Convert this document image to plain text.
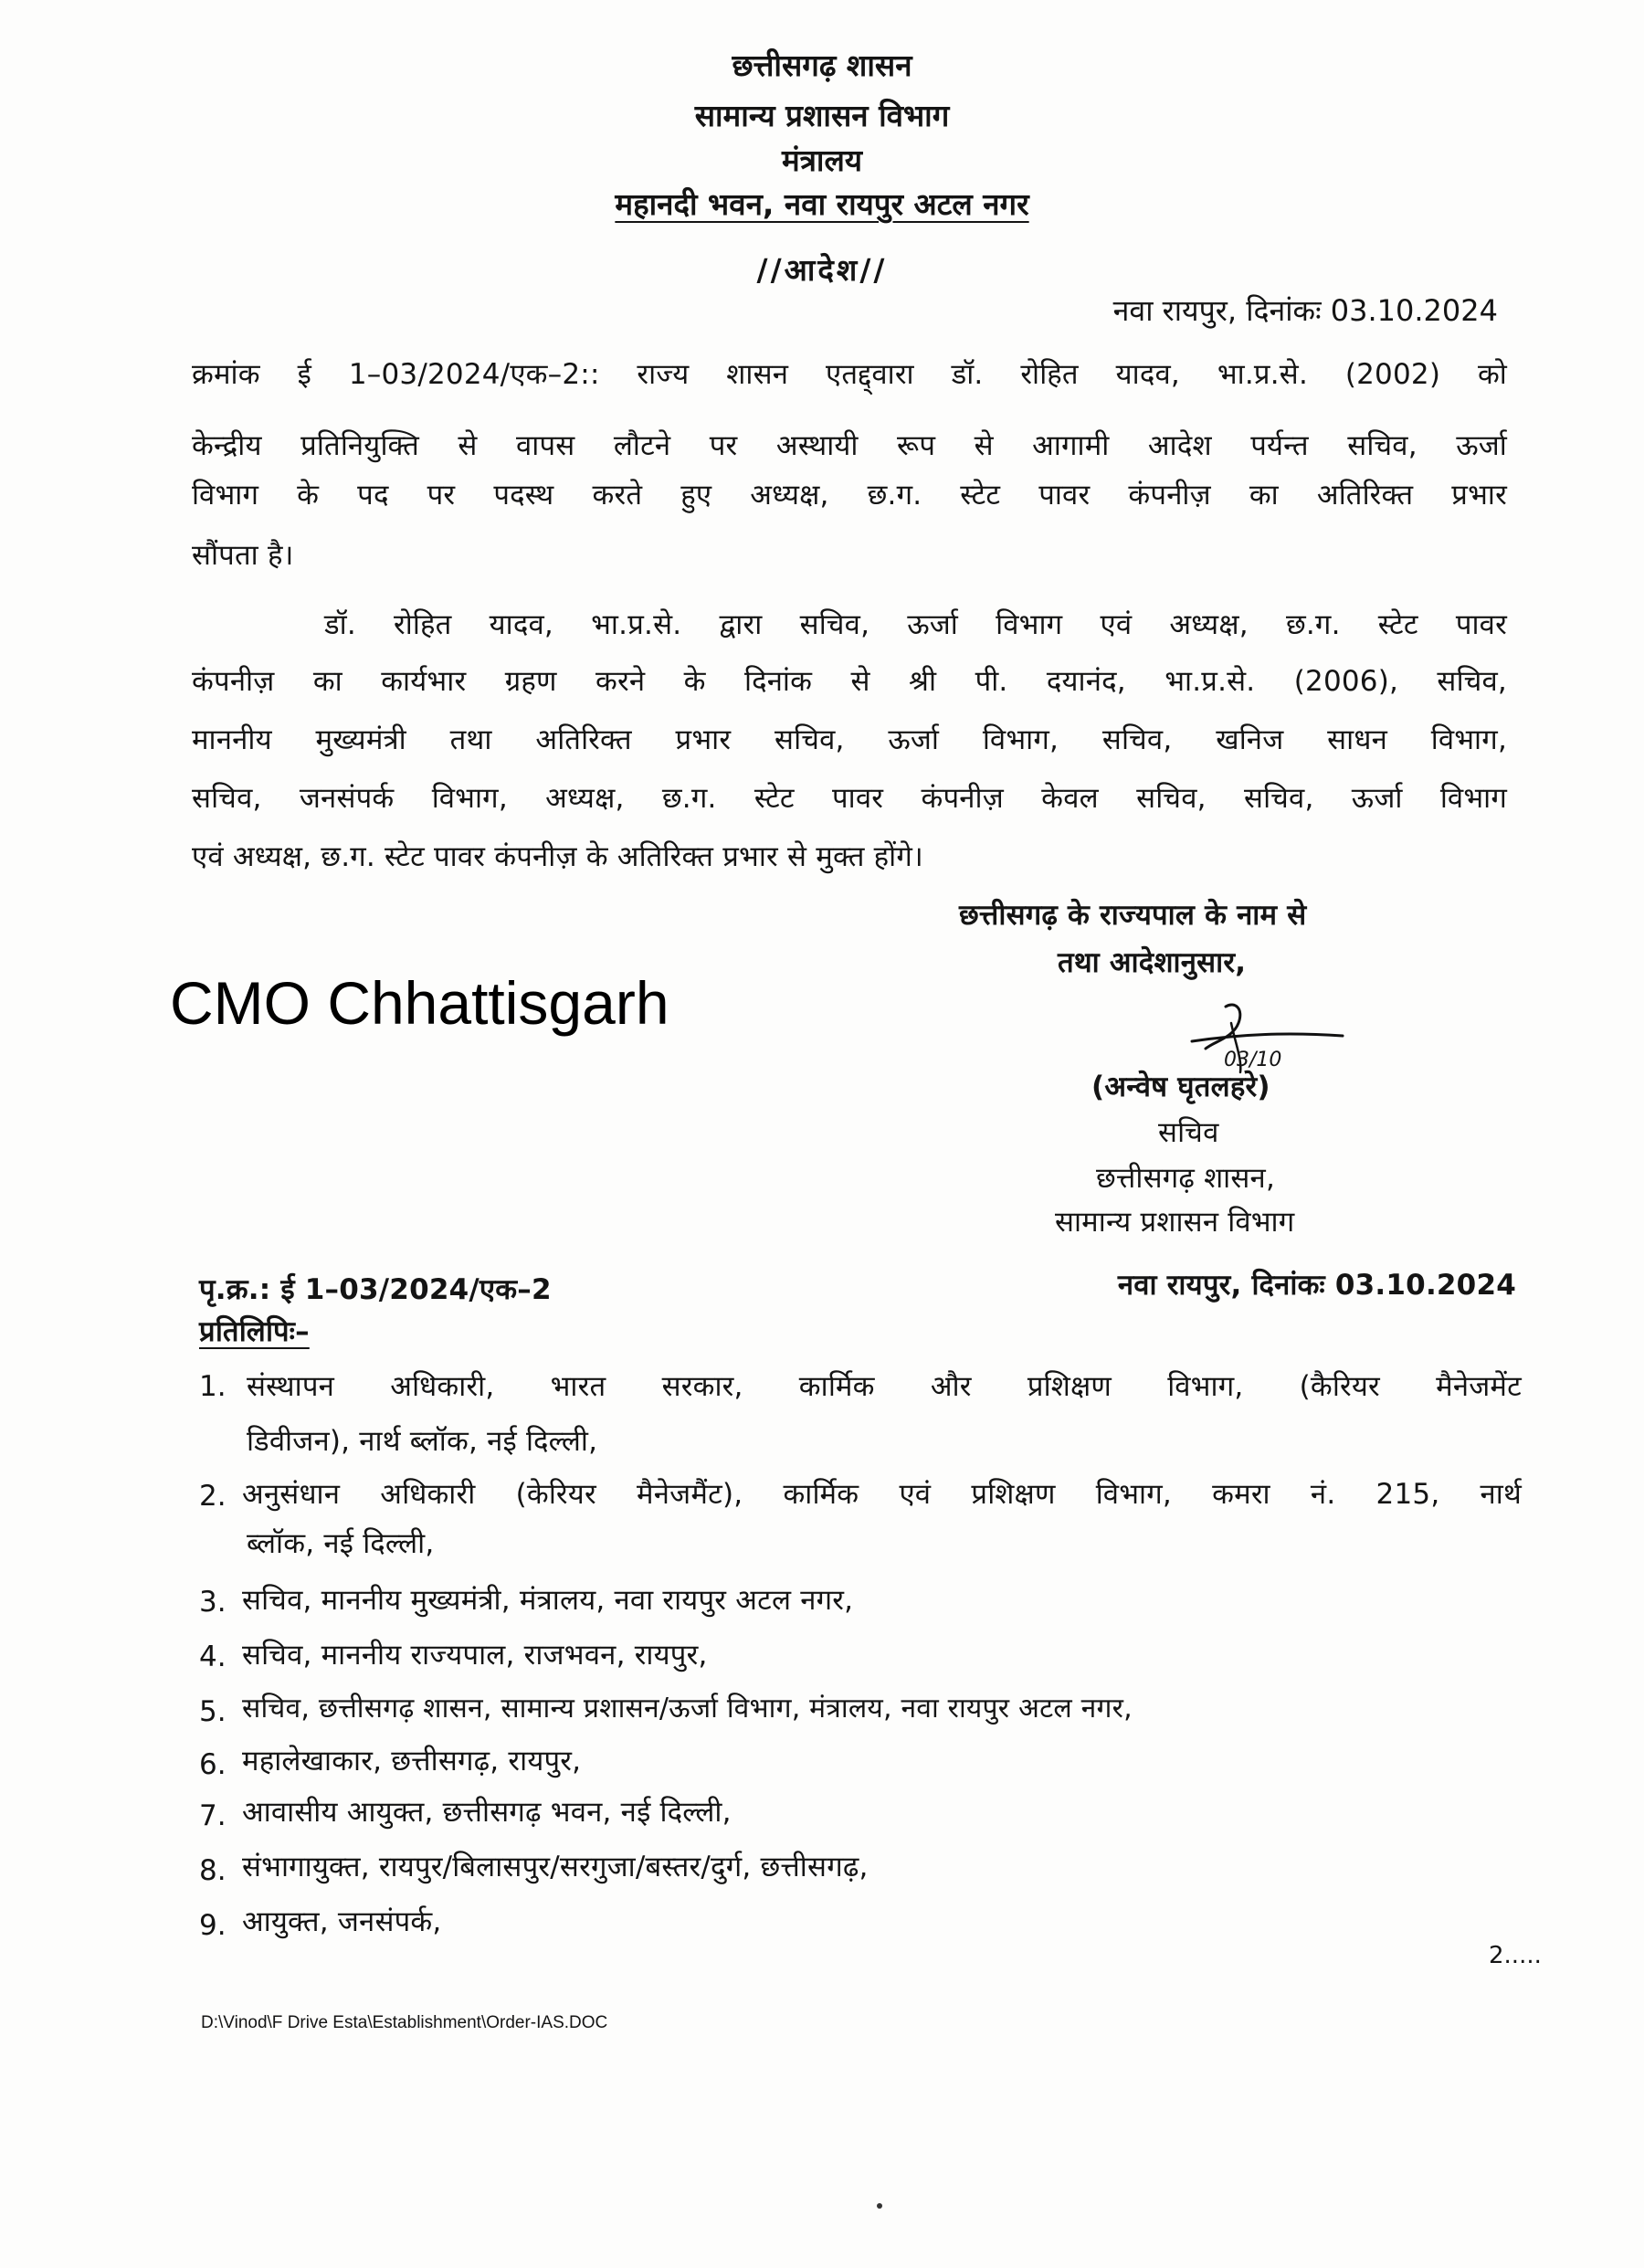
छत्तीसगढ़ शासन
सामान्य प्रशासन विभाग
मंत्रालय
महानदी भवन, नवा रायपुर अटल नगर
//आदेश//
नवा रायपुर, दिनांकः 03.10.2024
क्रमांक ई 1–03/2024/एक–2:: राज्य शासन एतद्द्वारा डॉ. रोहित यादव, भा.प्र.से. (2002) को
केन्द्रीय प्रतिनियुक्ति से वापस लौटने पर अस्थायी रूप से आगामी आदेश पर्यन्त सचिव, ऊर्जा
विभाग के पद पर पदस्थ करते हुए अध्यक्ष, छ.ग. स्टेट पावर कंपनीज़ का अतिरिक्त प्रभार
सौंपता है।
डॉ. रोहित यादव, भा.प्र.से. द्वारा सचिव, ऊर्जा विभाग एवं अध्यक्ष, छ.ग. स्टेट पावर
कंपनीज़ का कार्यभार ग्रहण करने के दिनांक से श्री पी. दयानंद, भा.प्र.से. (2006), सचिव,
माननीय मुख्यमंत्री तथा अतिरिक्त प्रभार सचिव, ऊर्जा विभाग, सचिव, खनिज साधन विभाग,
सचिव, जनसंपर्क विभाग, अध्यक्ष, छ.ग. स्टेट पावर कंपनीज़ केवल सचिव, सचिव, ऊर्जा विभाग
एवं अध्यक्ष, छ.ग. स्टेट पावर कंपनीज़ के अतिरिक्त प्रभार से मुक्त होंगे।
छत्तीसगढ़ के राज्यपाल के नाम से
तथा आदेशानुसार,
CMO Chhattisgarh
03/10
(अन्वेष घृतलहरे)
सचिव
छत्तीसगढ़ शासन,
सामान्य प्रशासन विभाग
पृ.क्र.: ई 1–03/2024/एक–2	नवा रायपुर, दिनांकः 03.10.2024
प्रतिलिपिः–
1. संस्थापन अधिकारी, भारत सरकार, कार्मिक और प्रशिक्षण विभाग, (कैरियर मैनेजमेंट
डिवीजन), नार्थ ब्लॉक, नई दिल्ली,
2. अनुसंधान अधिकारी (केरियर मैनेजमैंट), कार्मिक एवं प्रशिक्षण विभाग, कमरा नं. 215, नार्थ
ब्लॉक, नई दिल्ली,
3. सचिव, माननीय मुख्यमंत्री, मंत्रालय, नवा रायपुर अटल नगर,
4. सचिव, माननीय राज्यपाल, राजभवन, रायपुर,
5. सचिव, छत्तीसगढ़ शासन, सामान्य प्रशासन/ऊर्जा विभाग, मंत्रालय, नवा रायपुर अटल नगर,
6. महालेखाकार, छत्तीसगढ़, रायपुर,
7. आवासीय आयुक्त, छत्तीसगढ़ भवन, नई दिल्ली,
8. संभागायुक्त, रायपुर/बिलासपुर/सरगुजा/बस्तर/दुर्ग, छत्तीसगढ़,
9. आयुक्त, जनसंपर्क,
2.....
D:\Vinod\F Drive Esta\Establishment\Order-IAS.DOC
